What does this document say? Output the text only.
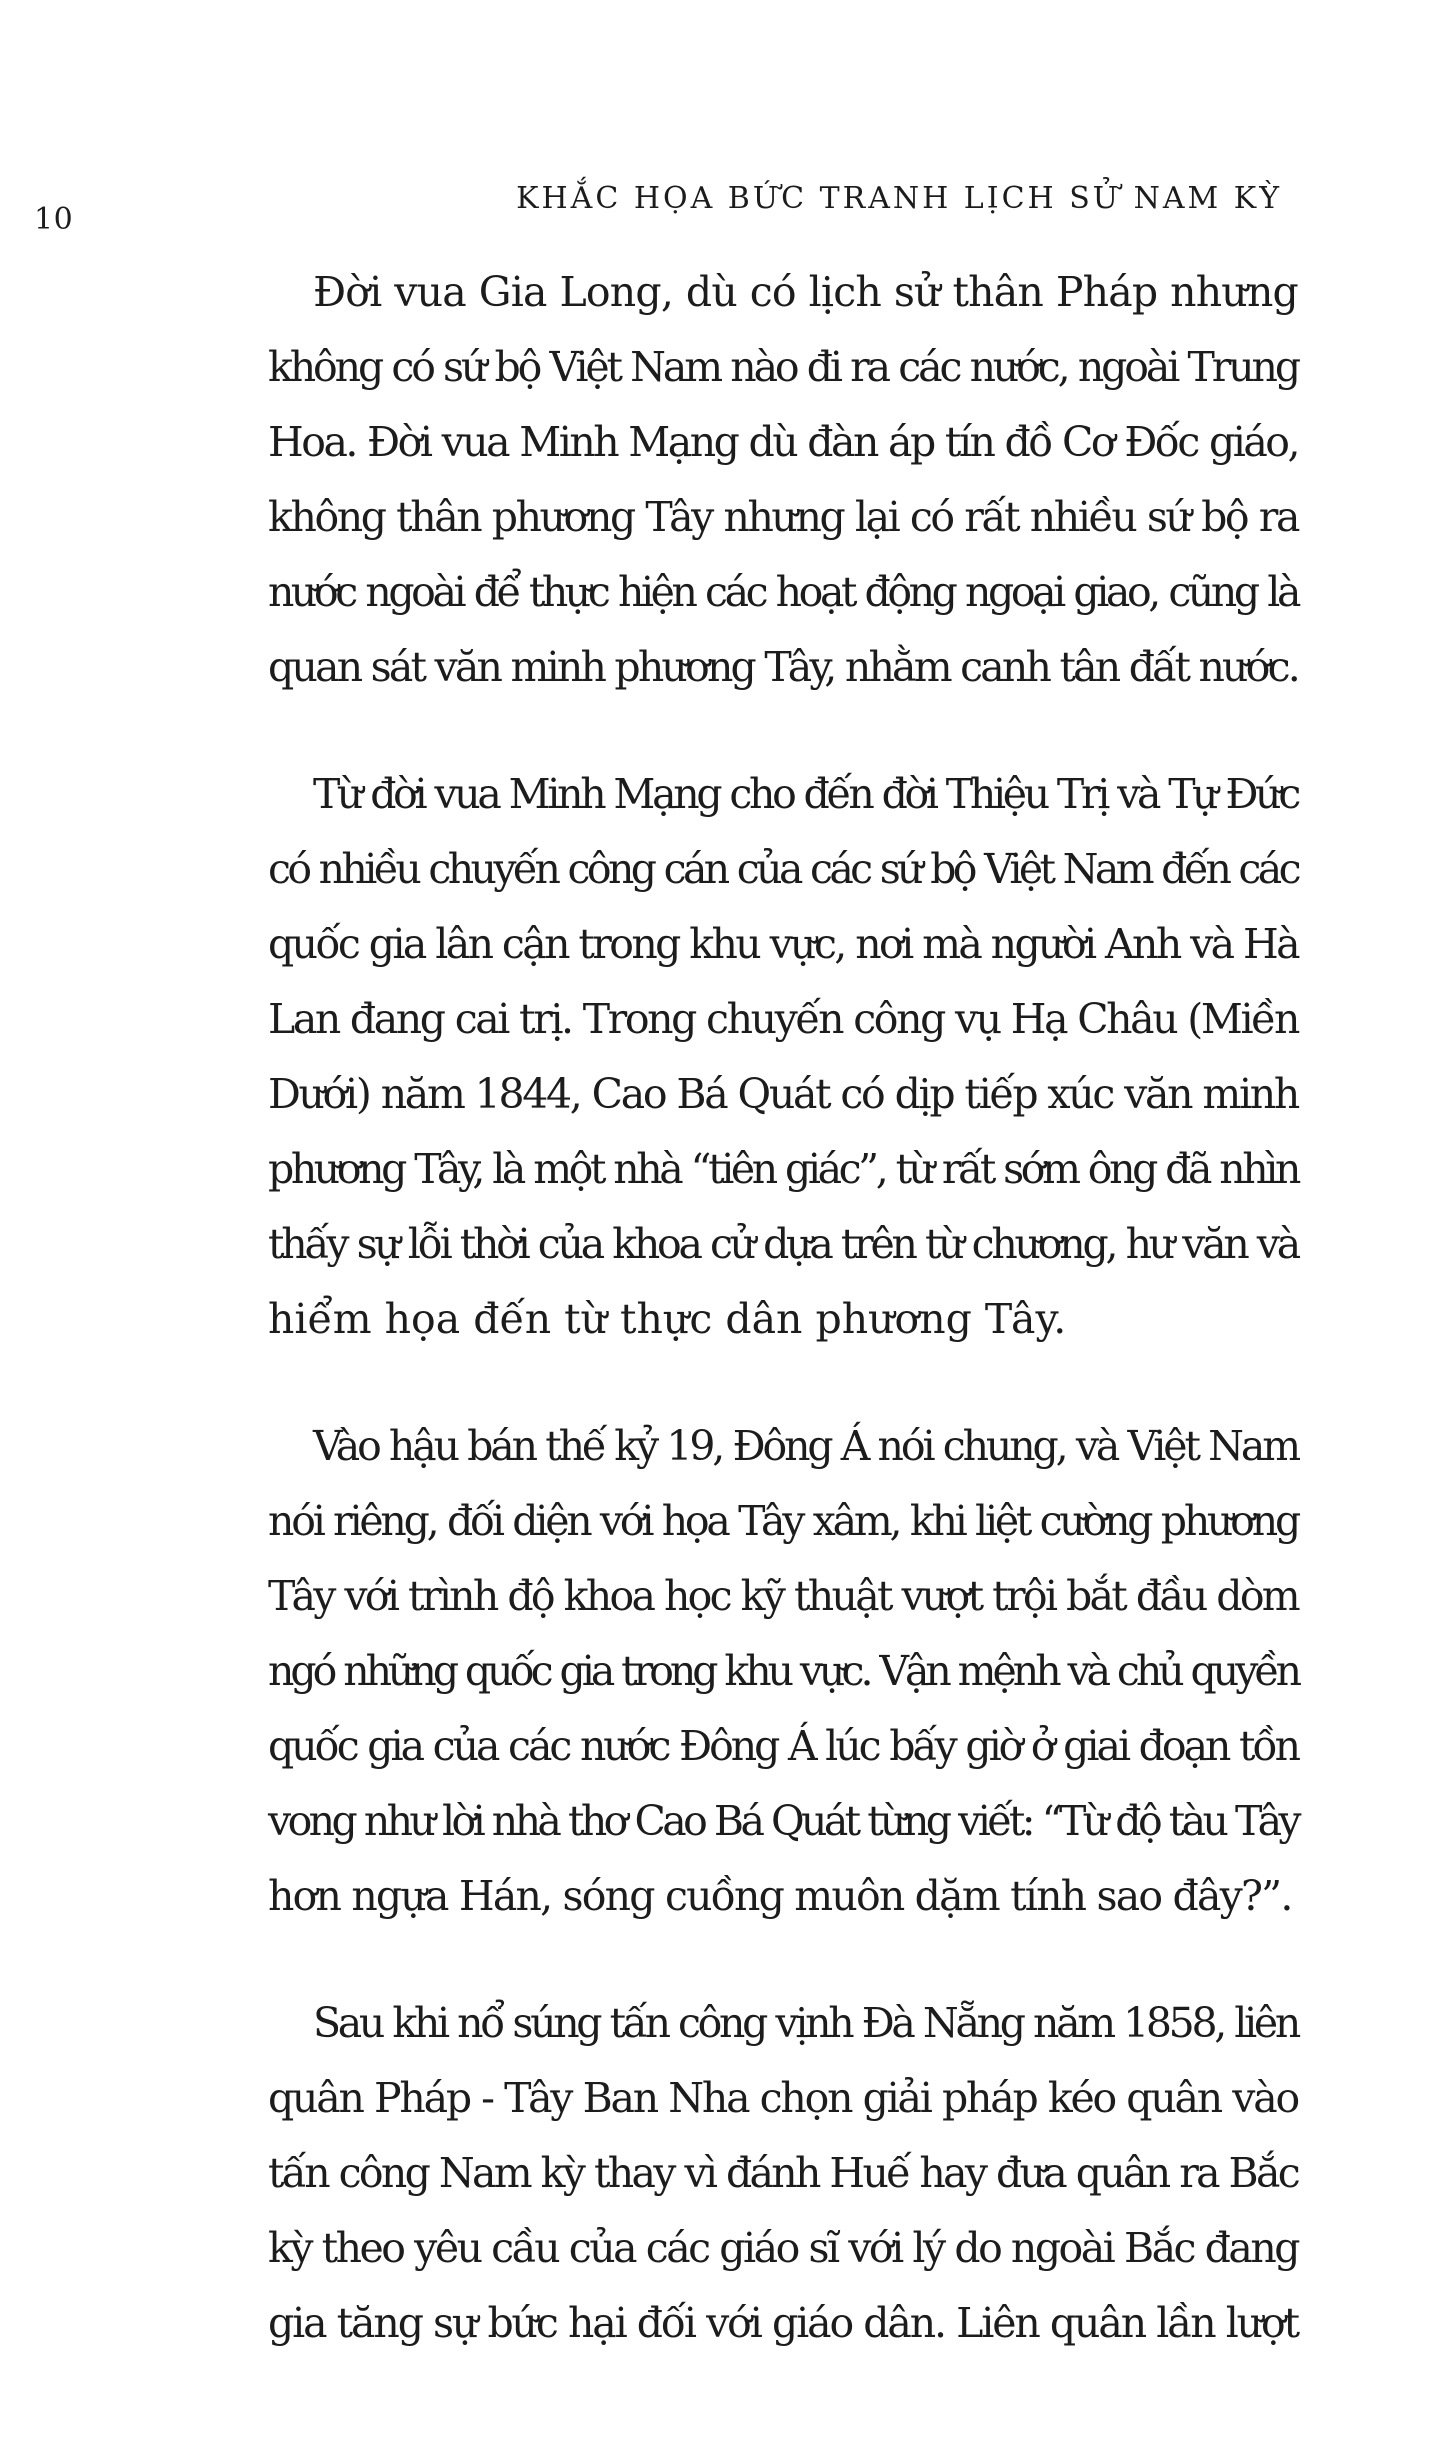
10
KHẮC HỌA BỨC TRANH LỊCH SỬ NAM KỲ
Đời vua Gia Long, dù có lịch sử thân Pháp nhưng
không có sứ bộ Việt Nam nào đi ra các nước, ngoài Trung
Hoa. Đời vua Minh Mạng dù đàn áp tín đồ Cơ Đốc giáo,
không thân phương Tây nhưng lại có rất nhiều sứ bộ ra
nước ngoài để thực hiện các hoạt động ngoại giao, cũng là
quan sát văn minh phương Tây, nhằm canh tân đất nước.
Từ đời vua Minh Mạng cho đến đời Thiệu Trị và Tự Đức
có nhiều chuyến công cán của các sứ bộ Việt Nam đến các
quốc gia lân cận trong khu vực, nơi mà người Anh và Hà
Lan đang cai trị. Trong chuyến công vụ Hạ Châu (Miền
Dưới) năm 1844, Cao Bá Quát có dịp tiếp xúc văn minh
phương Tây, là một nhà “tiên giác”, từ rất sớm ông đã nhìn
thấy sự lỗi thời của khoa cử dựa trên từ chương, hư văn và
hiểm họa đến từ thực dân phương Tây.
Vào hậu bán thế kỷ 19, Đông Á nói chung, và Việt Nam
nói riêng, đối diện với họa Tây xâm, khi liệt cường phương
Tây với trình độ khoa học kỹ thuật vượt trội bắt đầu dòm
ngó những quốc gia trong khu vực. Vận mệnh và chủ quyền
quốc gia của các nước Đông Á lúc bấy giờ ở giai đoạn tồn
vong như lời nhà thơ Cao Bá Quát từng viết: “Từ độ tàu Tây
hơn ngựa Hán, sóng cuồng muôn dặm tính sao đây?”.
Sau khi nổ súng tấn công vịnh Đà Nẵng năm 1858, liên
quân Pháp - Tây Ban Nha chọn giải pháp kéo quân vào
tấn công Nam kỳ thay vì đánh Huế hay đưa quân ra Bắc
kỳ theo yêu cầu của các giáo sĩ với lý do ngoài Bắc đang
gia tăng sự bức hại đối với giáo dân. Liên quân lần lượt
